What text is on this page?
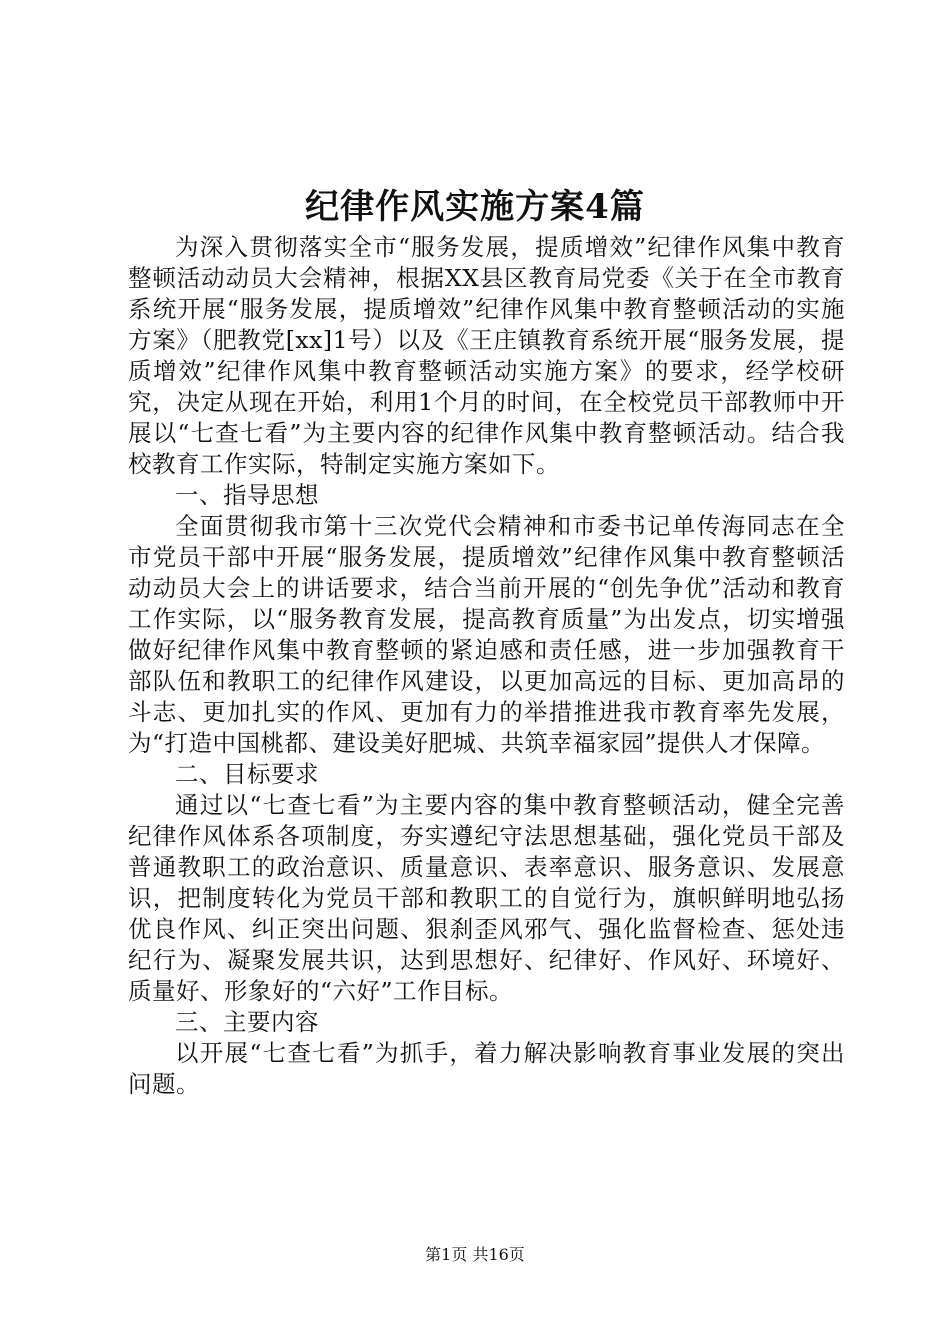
纪律作风实施方案4篇

为深入贯彻落实全市“服务发展，提质增效”纪律作风集中教育整顿活动动员大会精神，根据XX县区教育局党委《关于在全市教育系统开展“服务发展，提质增效”纪律作风集中教育整顿活动的实施方案》（肥教党[xx]1号）以及《王庄镇教育系统开展“服务发展，提质增效”纪律作风集中教育整顿活动实施方案》的要求，经学校研究，决定从现在开始，利用1个月的时间，在全校党员干部教师中开展以“七查七看”为主要内容的纪律作风集中教育整顿活动。结合我校教育工作实际，特制定实施方案如下。

一、指导思想

全面贯彻我市第十三次党代会精神和市委书记单传海同志在全市党员干部中开展“服务发展，提质增效”纪律作风集中教育整顿活动动员大会上的讲话要求，结合当前开展的“创先争优”活动和教育工作实际，以“服务教育发展，提高教育质量”为出发点，切实增强做好纪律作风集中教育整顿的紧迫感和责任感，进一步加强教育干部队伍和教职工的纪律作风建设，以更加高远的目标、更加高昂的斗志、更加扎实的作风、更加有力的举措推进我市教育率先发展，为“打造中国桃都、建设美好肥城、共筑幸福家园”提供人才保障。

二、目标要求

通过以“七查七看”为主要内容的集中教育整顿活动，健全完善纪律作风体系各项制度，夯实遵纪守法思想基础，强化党员干部及普通教职工的政治意识、质量意识、表率意识、服务意识、发展意识，把制度转化为党员干部和教职工的自觉行为，旗帜鲜明地弘扬优良作风、纠正突出问题、狠刹歪风邪气、强化监督检查、惩处违纪行为、凝聚发展共识，达到思想好、纪律好、作风好、环境好、质量好、形象好的“六好”工作目标。

三、主要内容

以开展“七查七看”为抓手，着力解决影响教育事业发展的突出问题。

第1页 共16页
